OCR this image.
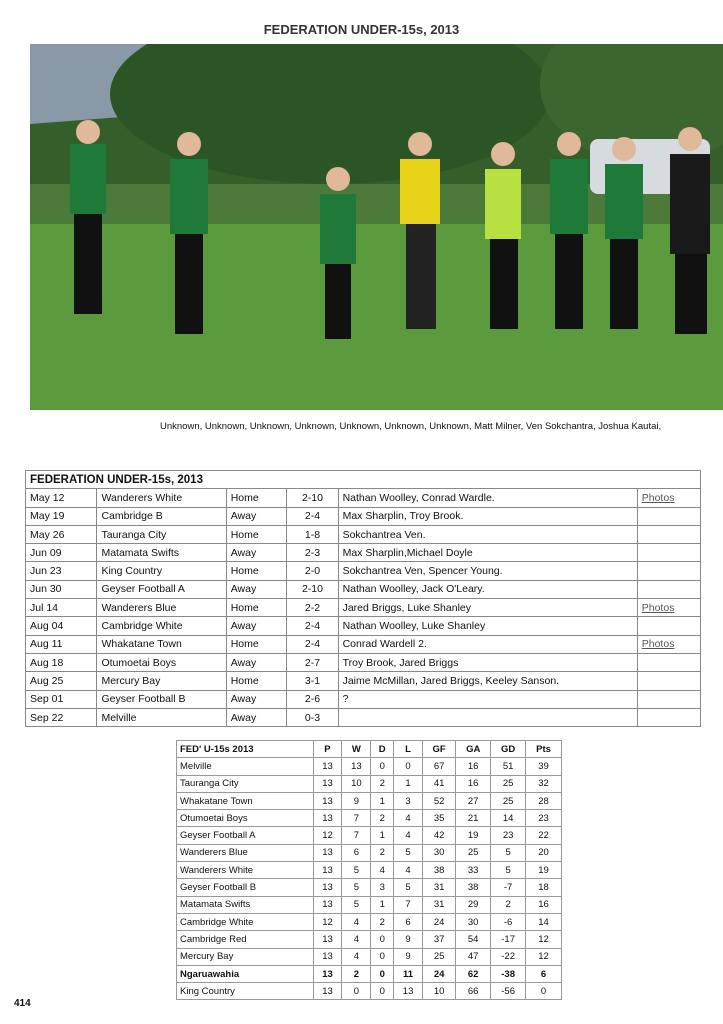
FEDERATION UNDER-15s, 2013
Unknown, Unknown, Unknown, Unknown, Unknown, Unknown, Unknown, Matt Milner, Ven Sokchantra, Joshua Kautai,
FEDERATION UNDER-15s, 2013					
May 12	Wanderers White	Home	2-10	Nathan Woolley, Conrad Wardle.	Photos
May 19	Cambridge B	Away	2-4	Max Sharplin, Troy Brook.	
May 26	Tauranga City	Home	1-8	Sokchantrea Ven.	
Jun 09	Matamata Swifts	Away	2-3	Max Sharplin,Michael Doyle	
Jun 23	King Country	Home	2-0	Sokchantrea Ven, Spencer Young.	
Jun 30	Geyser Football A	Away	2-10	Nathan Woolley, Jack O'Leary.	
Jul 14	Wanderers Blue	Home	2-2	Jared Briggs, Luke Shanley	Photos
Aug 04	Cambridge White	Away	2-4	Nathan Woolley, Luke Shanley	
Aug 11	Whakatane Town	Home	2-4	Conrad Wardell 2.	Photos
Aug 18	Otumoetai Boys	Away	2-7	Troy Brook, Jared Briggs	
Aug 25	Mercury Bay	Home	3-1	Jaime McMillan, Jared Briggs, Keeley Sanson.	
Sep 01	Geyser Football B	Away	2-6	?	
Sep 22	Melville	Away	0-3		
FED' U-15s 2013	P	W	D	L	GF	GA	GD	Pts
Melville	13	13	0	0	67	16	51	39
Tauranga City	13	10	2	1	41	16	25	32
Whakatane Town	13	9	1	3	52	27	25	28
Otumoetai Boys	13	7	2	4	35	21	14	23
Geyser Football A	12	7	1	4	42	19	23	22
Wanderers Blue	13	6	2	5	30	25	5	20
Wanderers White	13	5	4	4	38	33	5	19
Geyser Football B	13	5	3	5	31	38	-7	18
Matamata Swifts	13	5	1	7	31	29	2	16
Cambridge White	12	4	2	6	24	30	-6	14
Cambridge Red	13	4	0	9	37	54	-17	12
Mercury Bay	13	4	0	9	25	47	-22	12
Ngaruawahia	13	2	0	11	24	62	-38	6
King Country	13	0	0	13	10	66	-56	0
414
